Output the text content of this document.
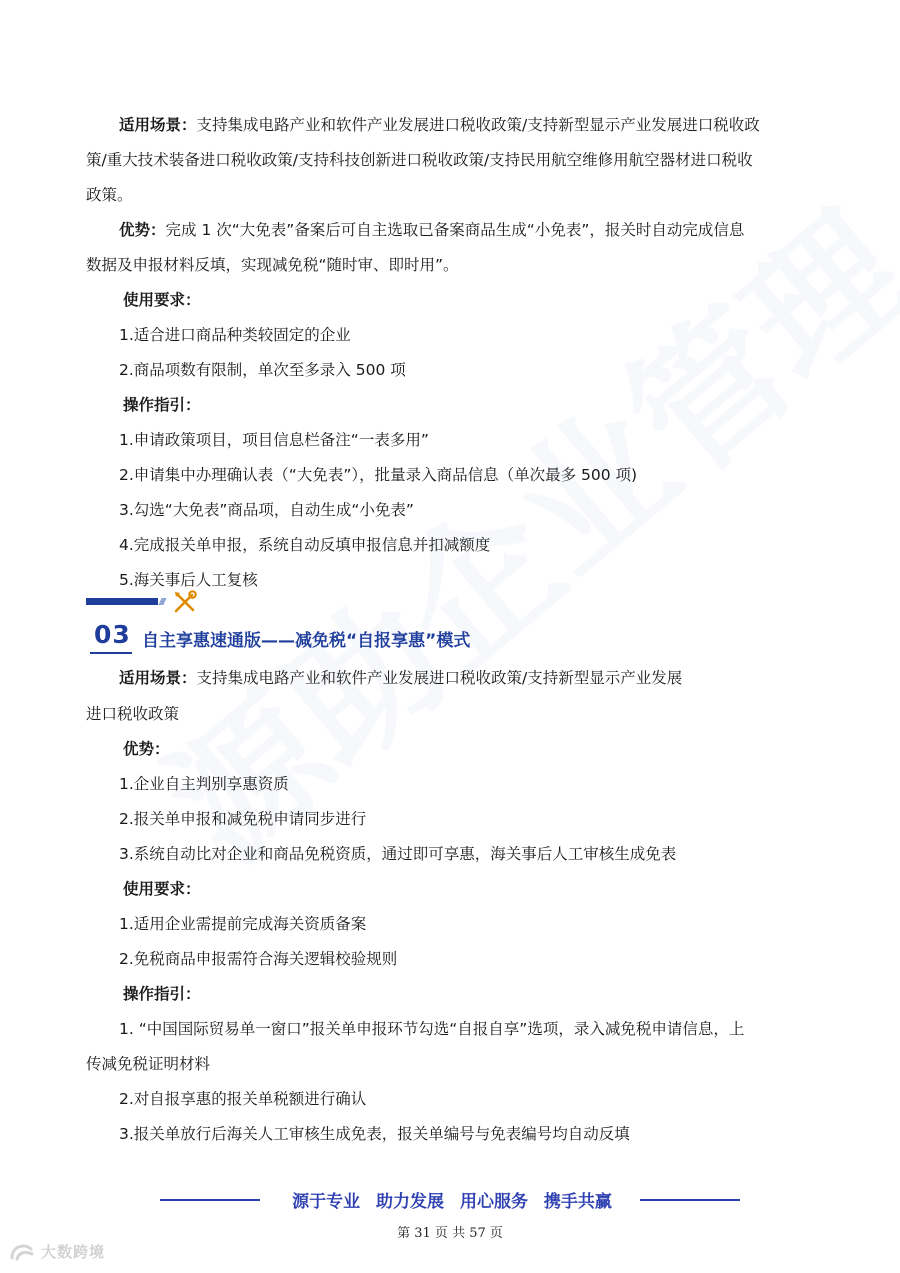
适用场景：支持集成电路产业和软件产业发展进口税收政策/支持新型显示产业发展进口税收政
策/重大技术装备进口税收政策/支持科技创新进口税收政策/支持民用航空维修用航空器材进口税收
政策。
优势：完成 1 次“大免表”备案后可自主选取已备案商品生成“小免表”，报关时自动完成信息
数据及申报材料反填，实现减免税“随时审、即时用”。
使用要求：
1.适合进口商品种类较固定的企业
2.商品项数有限制，单次至多录入 500 项
操作指引：
1.申请政策项目，项目信息栏备注“一表多用”
2.申请集中办理确认表（“大免表”），批量录入商品信息（单次最多 500 项)
3.勾选“大免表”商品项，自动生成“小免表”
4.完成报关单申报，系统自动反填申报信息并扣减额度
5.海关事后人工复核
03 自主享惠速通版——减免税“自报享惠”模式
适用场景：支持集成电路产业和软件产业发展进口税收政策/支持新型显示产业发展
进口税收政策
优势：
1.企业自主判别享惠资质
2.报关单申报和减免税申请同步进行
3.系统自动比对企业和商品免税资质，通过即可享惠，海关事后人工审核生成免表
使用要求：
1.适用企业需提前完成海关资质备案
2.免税商品申报需符合海关逻辑校验规则
操作指引：
1. “中国国际贸易单一窗口”报关单申报环节勾选“自报自享”选项，录入减免税申请信息，上
传减免税证明材料
2.对自报享惠的报关单税额进行确认
3.报关单放行后海关人工审核生成免表，报关单编号与免表编号均自动反填
源于专业 助力发展 用心服务 携手共赢
第 31 页 共 57 页
大数跨境
